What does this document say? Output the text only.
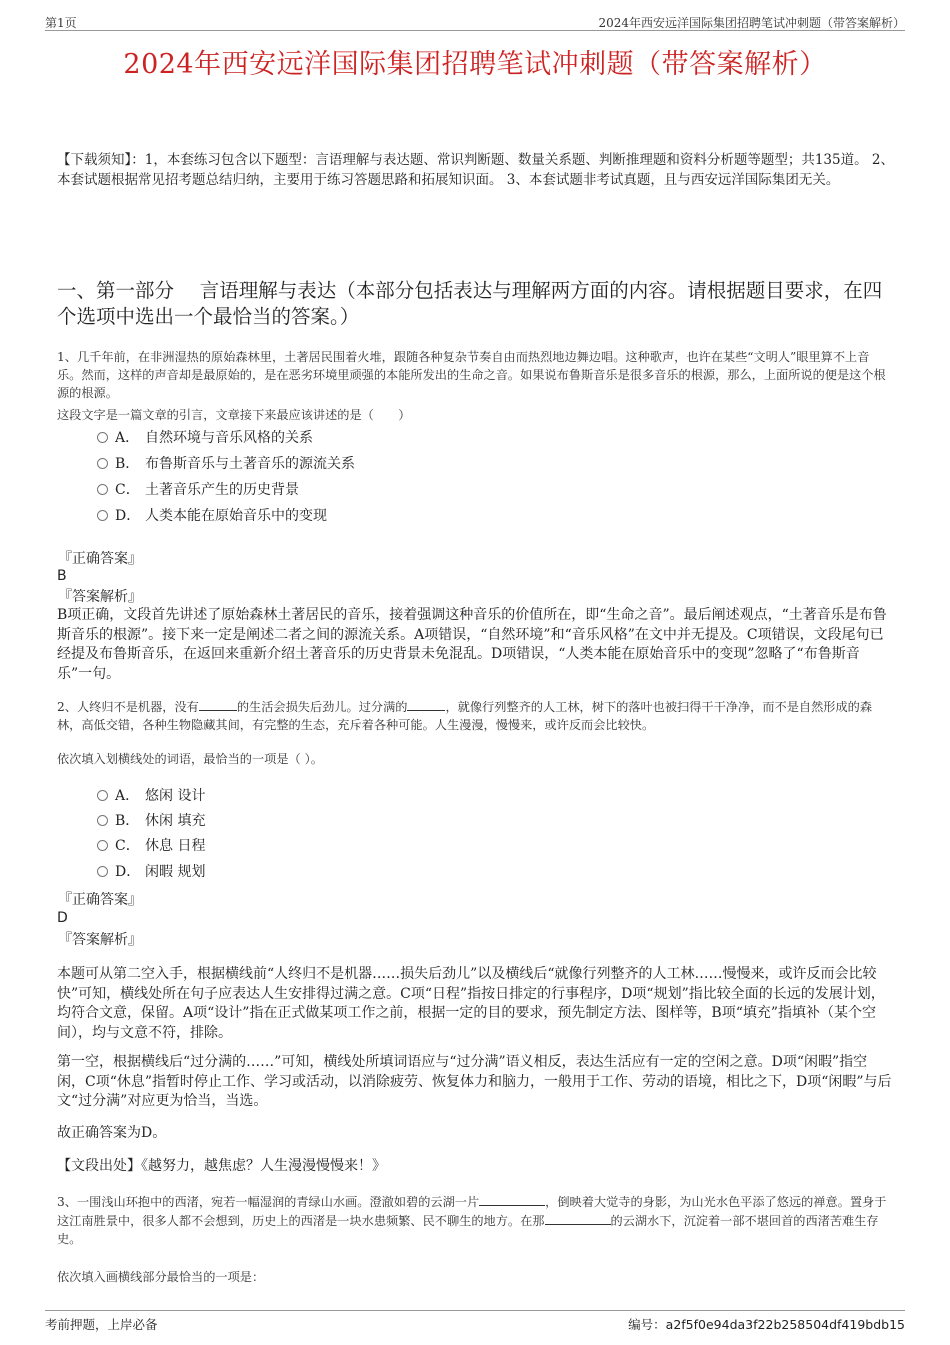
第1页	2024年西安远洋国际集团招聘笔试冲刺题（带答案解析）
2024年西安远洋国际集团招聘笔试冲刺题（带答案解析）
【下载须知】：1，本套练习包含以下题型：言语理解与表达题、常识判断题、数量关系题、判断推理题和资料分析题等题型；共135道。 2、本套试题根据常见招考题总结归纳，主要用于练习答题思路和拓展知识面。 3、本套试题非考试真题，且与西安远洋国际集团无关。
一、第一部分　 言语理解与表达（本部分包括表达与理解两方面的内容。请根据题目要求，在四个选项中选出一个最恰当的答案。）
1、几千年前，在非洲湿热的原始森林里，土著居民围着火堆，跟随各种复杂节奏自由而热烈地边舞边唱。这种歌声，也许在某些“文明人”眼里算不上音乐。然而，这样的声音却是最原始的，是在恶劣环境里顽强的本能所发出的生命之音。如果说布鲁斯音乐是很多音乐的根源，那么，上面所说的便是这个根源的根源。
这段文字是一篇文章的引言，文章接下来最应该讲述的是（　　）
A． 自然环境与音乐风格的关系
B． 布鲁斯音乐与土著音乐的源流关系
C． 土著音乐产生的历史背景
D． 人类本能在原始音乐中的变现
『正确答案』
B
『答案解析』
B项正确，文段首先讲述了原始森林土著居民的音乐，接着强调这种音乐的价值所在，即“生命之音”。最后阐述观点，“土著音乐是布鲁斯音乐的根源”。接下来一定是阐述二者之间的源流关系。A项错误，“自然环境”和“音乐风格”在文中并无提及。C项错误，文段尾句已经提及布鲁斯音乐，在返回来重新介绍土著音乐的历史背景未免混乱。D项错误，“人类本能在原始音乐中的变现”忽略了“布鲁斯音乐”一句。
2、人终归不是机器，没有	的生活会损失后劲儿。过分满的	，就像行列整齐的人工林，树下的落叶也被扫得干干净净，而不是自然形成的森林，高低交错，各种生物隐藏其间，有完整的生态，充斥着各种可能。人生漫漫，慢慢来，或许反而会比较快。
依次填入划横线处的词语，最恰当的一项是（ ）。
A． 悠闲 设计
B． 休闲 填充
C． 休息 日程
D． 闲暇 规划
『正确答案』
D
『答案解析』
本题可从第二空入手，根据横线前“人终归不是机器……损失后劲儿”以及横线后“就像行列整齐的人工林……慢慢来，或许反而会比较快”可知，横线处所在句子应表达人生安排得过满之意。C项“日程”指按日排定的行事程序，D项“规划”指比较全面的长远的发展计划，均符合文意，保留。A项“设计”指在正式做某项工作之前，根据一定的目的要求，预先制定方法、图样等，B项“填充”指填补（某个空间），均与文意不符，排除。
第一空，根据横线后“过分满的……”可知，横线处所填词语应与“过分满”语义相反，表达生活应有一定的空闲之意。D项“闲暇”指空闲，C项“休息”指暂时停止工作、学习或活动，以消除疲劳、恢复体力和脑力，一般用于工作、劳动的语境，相比之下，D项“闲暇”与后文“过分满”对应更为恰当，当选。
故正确答案为D。
【文段出处】《越努力，越焦虑？人生漫漫慢慢来！》
3、一围浅山环抱中的西渚，宛若一幅湿润的青绿山水画。澄澈如碧的云湖一片	，倒映着大觉寺的身影，为山光水色平添了悠远的禅意。置身于这江南胜景中，很多人都不会想到，历史上的西渚是一块水患频繁、民不聊生的地方。在那	的云湖水下，沉淀着一部不堪回首的西渚苦难生存史。
依次填入画横线部分最恰当的一项是：
考前押题，上岸必备	编号：a2f5f0e94da3f22b258504df419bdb15
